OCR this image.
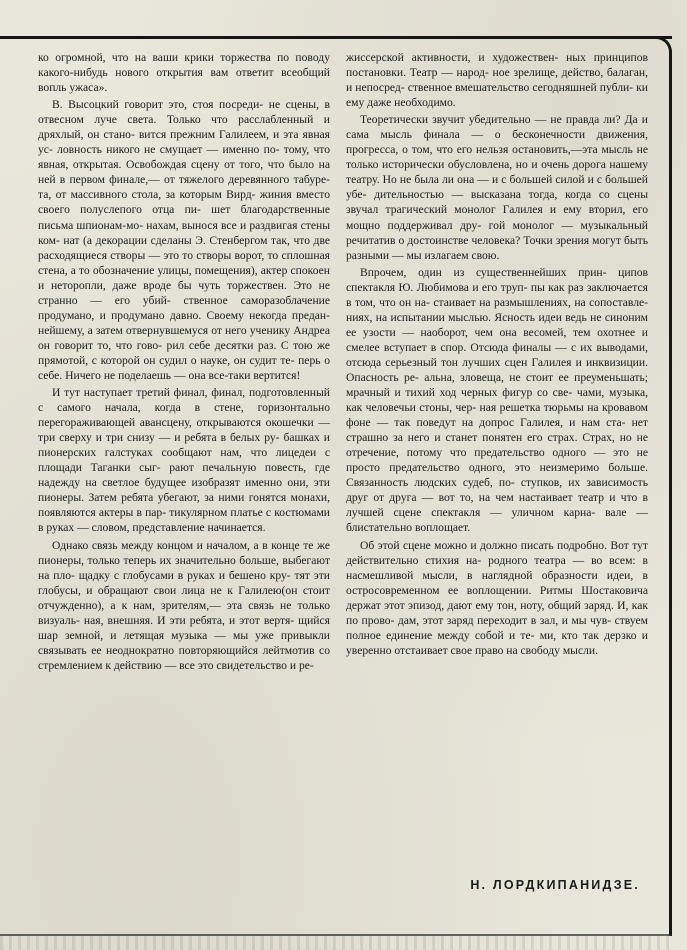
ко огромной, что на ваши крики торжества по поводу какого-нибудь нового открытия вам ответит всеобщий вопль ужаса».

В. Высоцкий говорит это, стоя посреди- не сцены, в отвесном луче света. Только что расслабленный и дряхлый, он стано- вится прежним Галилеем, и эта явная ус- ловность никого не смущает — именно по- тому, что явная, открытая. Освобождая сцену от того, что было на ней в первом финале,— от тяжелого деревянного табуре- та, от массивного стола, за которым Вирд- жиния вместо своего полуслепого отца пи- шет благодарственные письма шпионам-мо- нахам, вынося все и раздвигая стены ком- нат (а декорации сделаны Э. Стенбергом так, что две расходящиеся створы — это то створы ворот, то сплошная стена, а то обозначение улицы, помещения), актер спокоен и неторопли, даже вроде бы чуть торжествен. Это не странно — его убий- ственное саморазоблачение продумано, и продумано давно. Своему некогда предан- нейшему, а затем отвернувшемуся от него ученику Андреа он говорит то, что гово- рил себе десятки раз. С тою же прямотой, с которой он судил о науке, он судит те- перь о себе. Ничего не поделаешь — она все-таки вертится!

И тут наступает третий финал, финал, подготовленный с самого начала, когда в стене, горизонтально перегораживающей авансцену, открываются окошечки — три сверху и три снизу — и ребята в белых ру- башках и пионерских галстуках сообщают нам, что лицедеи с площади Таганки сыг- рают печальную повесть, где надежду на светлое будущее изобразят именно они, эти пионеры. Затем ребята убегают, за ними гонятся монахи, появляются актеры в пар- тикулярном платье с костюмами в руках — словом, представление начинается.

Однако связь между концом и началом, а в конце те же пионеры, только теперь их значительно больше, выбегают на пло- щадку с глобусами в руках и бешено кру- тят эти глобусы, и обращают свои лица не к Галилею(он стоит отчужденно), а к нам, зрителям,— эта связь не только визуаль- ная, внешняя. И эти ребята, и этот вертя- щийся шар земной, и летящая музыка — мы уже привыкли связывать ее неоднократно повторяющийся лейтмотив со стремлением к действию — все это свидетельство и ре-

жиссерской активности, и художествен- ных принципов постановки. Театр — народ- ное зрелище, действо, балаган, и непосред- ственное вмешательство сегодняшней публи- ки ему даже необходимо.

Теоретически звучит убедительно — не правда ли? Да и сама мысль финала — о бесконечности движения, прогресса, о том, что его нельзя остановить,—эта мысль не только исторически обусловлена, но и очень дорога нашему театру. Но не была ли она — и с большей силой и с большей убе- дительностью — высказана тогда, когда со сцены звучал трагический монолог Галилея и ему вторил, его мощно поддерживал дру- гой монолог — музыкальный речитатив о достоинстве человека? Точки зрения могут быть разными — мы излагаем свою.

Впрочем, один из существеннейших прин- ципов спектакля Ю. Любимова и его труп- пы как раз заключается в том, что он на- стаивает на размышлениях, на сопоставле- ниях, на испытании мыслью. Ясность идеи ведь не синоним ее узости — наоборот, чем она весомей, тем охотнее и смелее вступает в спор. Отсюда финалы — с их выводами, отсюда серьезный тон лучших сцен Галилея и инквизиции. Опасность ре- альна, зловеща, не стоит ее преуменьшать; мрачный и тихий ход черных фигур со све- чами, музыка, как человечьи стоны, чер- ная решетка тюрьмы на кровавом фоне — так поведут на допрос Галилея, и нам ста- нет страшно за него и станет понятен его страх. Страх, но не отречение, потому что предательство одного — это не просто предательство одного, это неизмеримо больше. Связанность людских судеб, по- ступков, их зависимость друг от друга — вот то, на чем настаивает театр и что в лучшей сцене спектакля — уличном карна- вале — блистательно воплощает.

Об этой сцене можно и должно писать подробно. Вот тут действительно стихия на- родного театра — во всем: в насмешливой мысли, в наглядной образности идеи, в остросовременном ее воплощении. Ритмы Шостаковича держат этот эпизод, дают ему тон, ноту, общий заряд. И, как по прово- дам, этот заряд переходит в зал, и мы чув- ствуем полное единение между собой и те- ми, кто так дерзко и уверенно отстаивает свое право на свободу мысли.

Н. ЛОРДКИПАНИДЗЕ.
